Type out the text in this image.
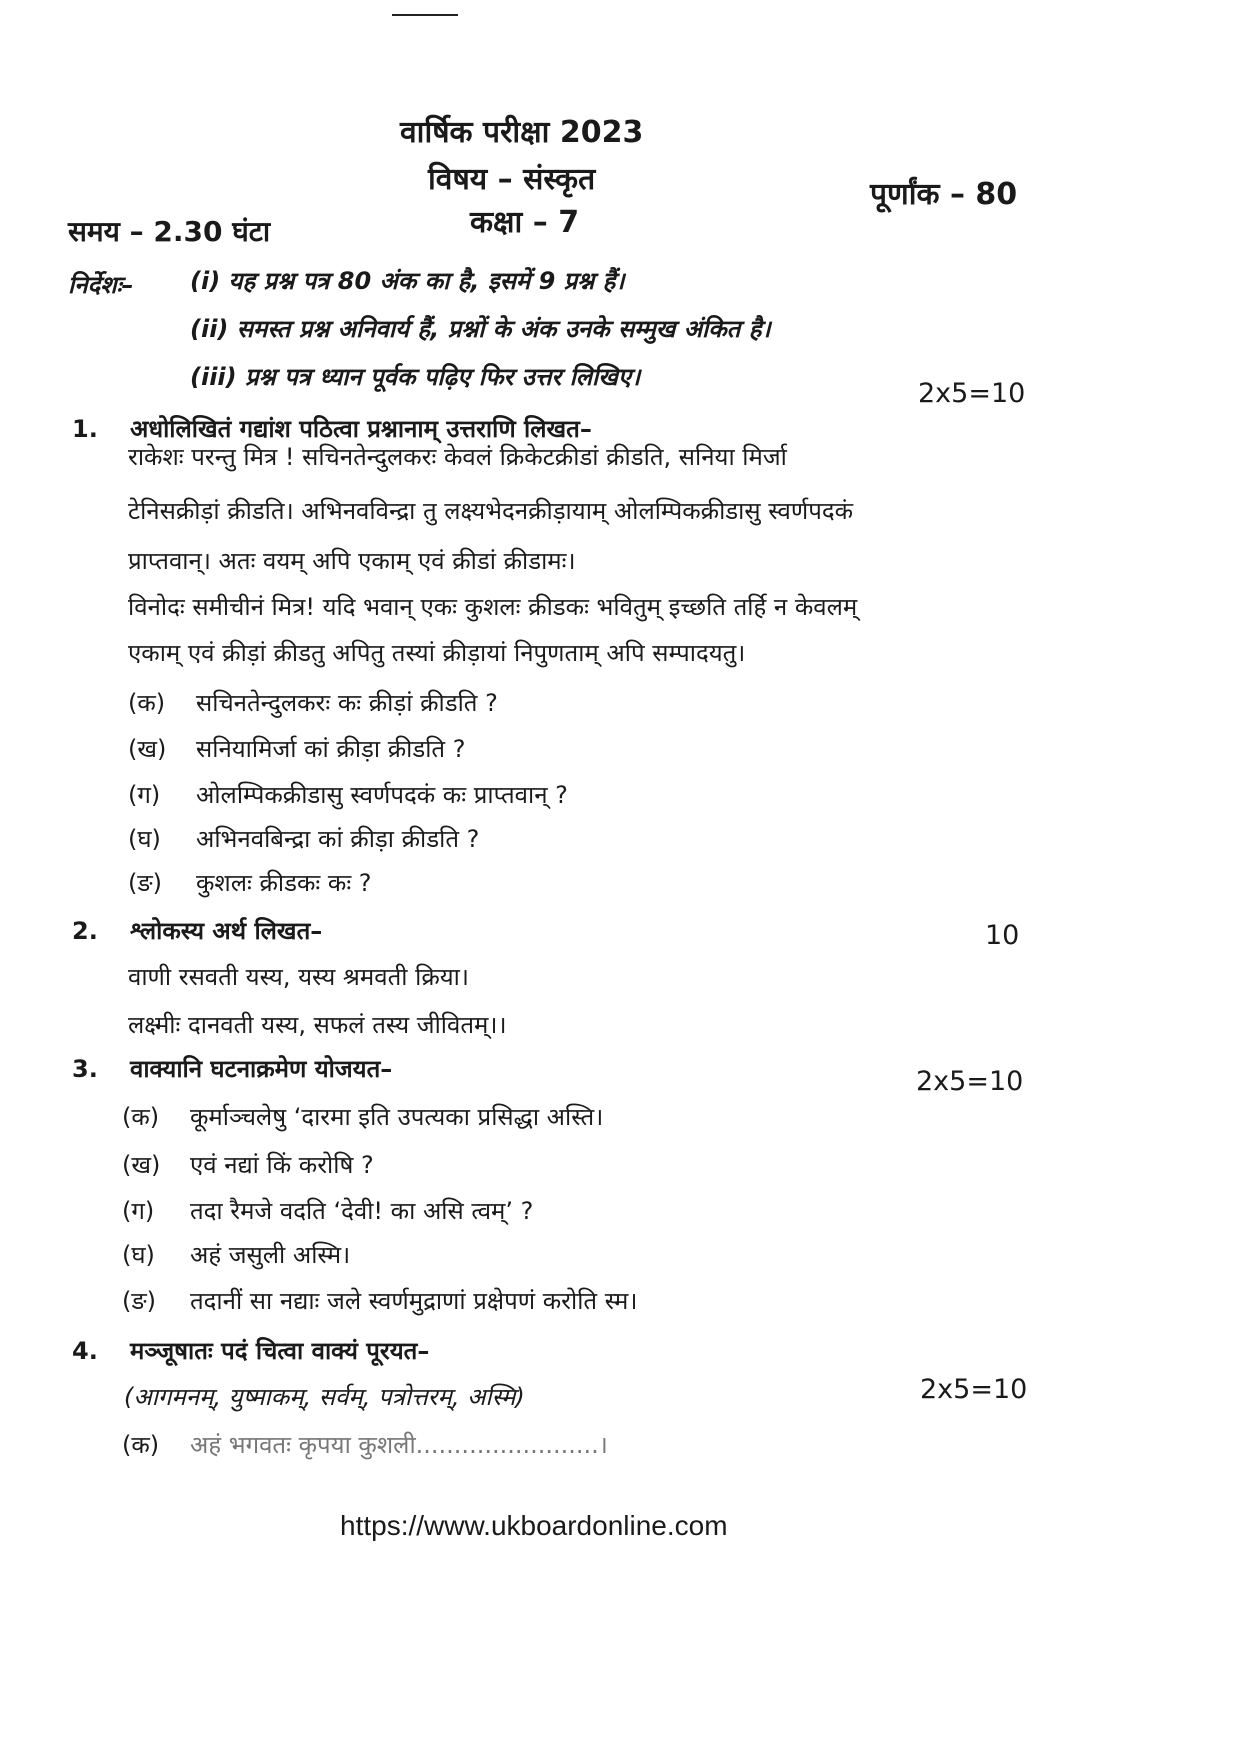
वार्षिक परीक्षा 2023
विषय – संस्कृत	पूर्णांक – 80
कक्षा – 7
समय – 2.30 घंटा
निर्देशः– (i) यह प्रश्न पत्र 80 अंक का है, इसमें 9 प्रश्न हैं।
(ii) समस्त प्रश्न अनिवार्य हैं, प्रश्नों के अंक उनके सम्मुख अंकित है।
(iii) प्रश्न पत्र ध्यान पूर्वक पढ़िए फिर उत्तर लिखिए।
1. अधोलिखितं गद्यांश पठित्वा प्रश्नानाम् उत्तराणि लिखत–
2x5=10
राकेशः परन्तु मित्र ! सचिनतेन्दुलकरः केवलं क्रिकेटक्रीडां क्रीडति, सनिया मिर्जा
टेनिसक्रीड़ां क्रीडति। अभिनवविन्द्रा तु लक्ष्यभेदनक्रीड़ायाम् ओलम्पिकक्रीडासु स्वर्णपदकं
प्राप्तवान्। अतः वयम् अपि एकाम् एवं क्रीडां क्रीडामः।
विनोदः समीचीनं मित्र! यदि भवान् एकः कुशलः क्रीडकः भवितुम् इच्छति तर्हि न केवलम्
एकाम् एवं क्रीड़ां क्रीडतु अपितु तस्यां क्रीड़ायां निपुणताम् अपि सम्पादयतु।
(क) सचिनतेन्दुलकरः कः क्रीड़ां क्रीडति ?
(ख) सनियामिर्जा कां क्रीड़ा क्रीडति ?
(ग) ओलम्पिकक्रीडासु स्वर्णपदकं कः प्राप्तवान् ?
(घ) अभिनवबिन्द्रा कां क्रीड़ा क्रीडति ?
(ङ) कुशलः क्रीडकः कः ?
2. श्लोकस्य अर्थ लिखत–	10
वाणी रसवती यस्य, यस्य श्रमवती क्रिया।
लक्ष्मीः दानवती यस्य, सफलं तस्य जीवितम्।।
3. वाक्यानि घटनाक्रमेण योजयत–	2x5=10
(क) कूर्माञ्चलेषु ‘दारमा इति उपत्यका प्रसिद्धा अस्ति।
(ख) एवं नद्यां किं करोषि ?
(ग) तदा रैमजे वदति ‘देवी! का असि त्वम्’ ?
(घ) अहं जसुली अस्मि।
(ङ) तदानीं सा नद्याः जले स्वर्णमुद्राणां प्रक्षेपणं करोति स्म।
4. मञ्जूषातः पदं चित्वा वाक्यं पूरयत–
2x5=10
(आगमनम्, युष्माकम्, सर्वम्, पत्रोत्तरम्, अस्मि)
(क) अहं भगवतः कृपया कुशली........................।
https://www.ukboardonline.com
